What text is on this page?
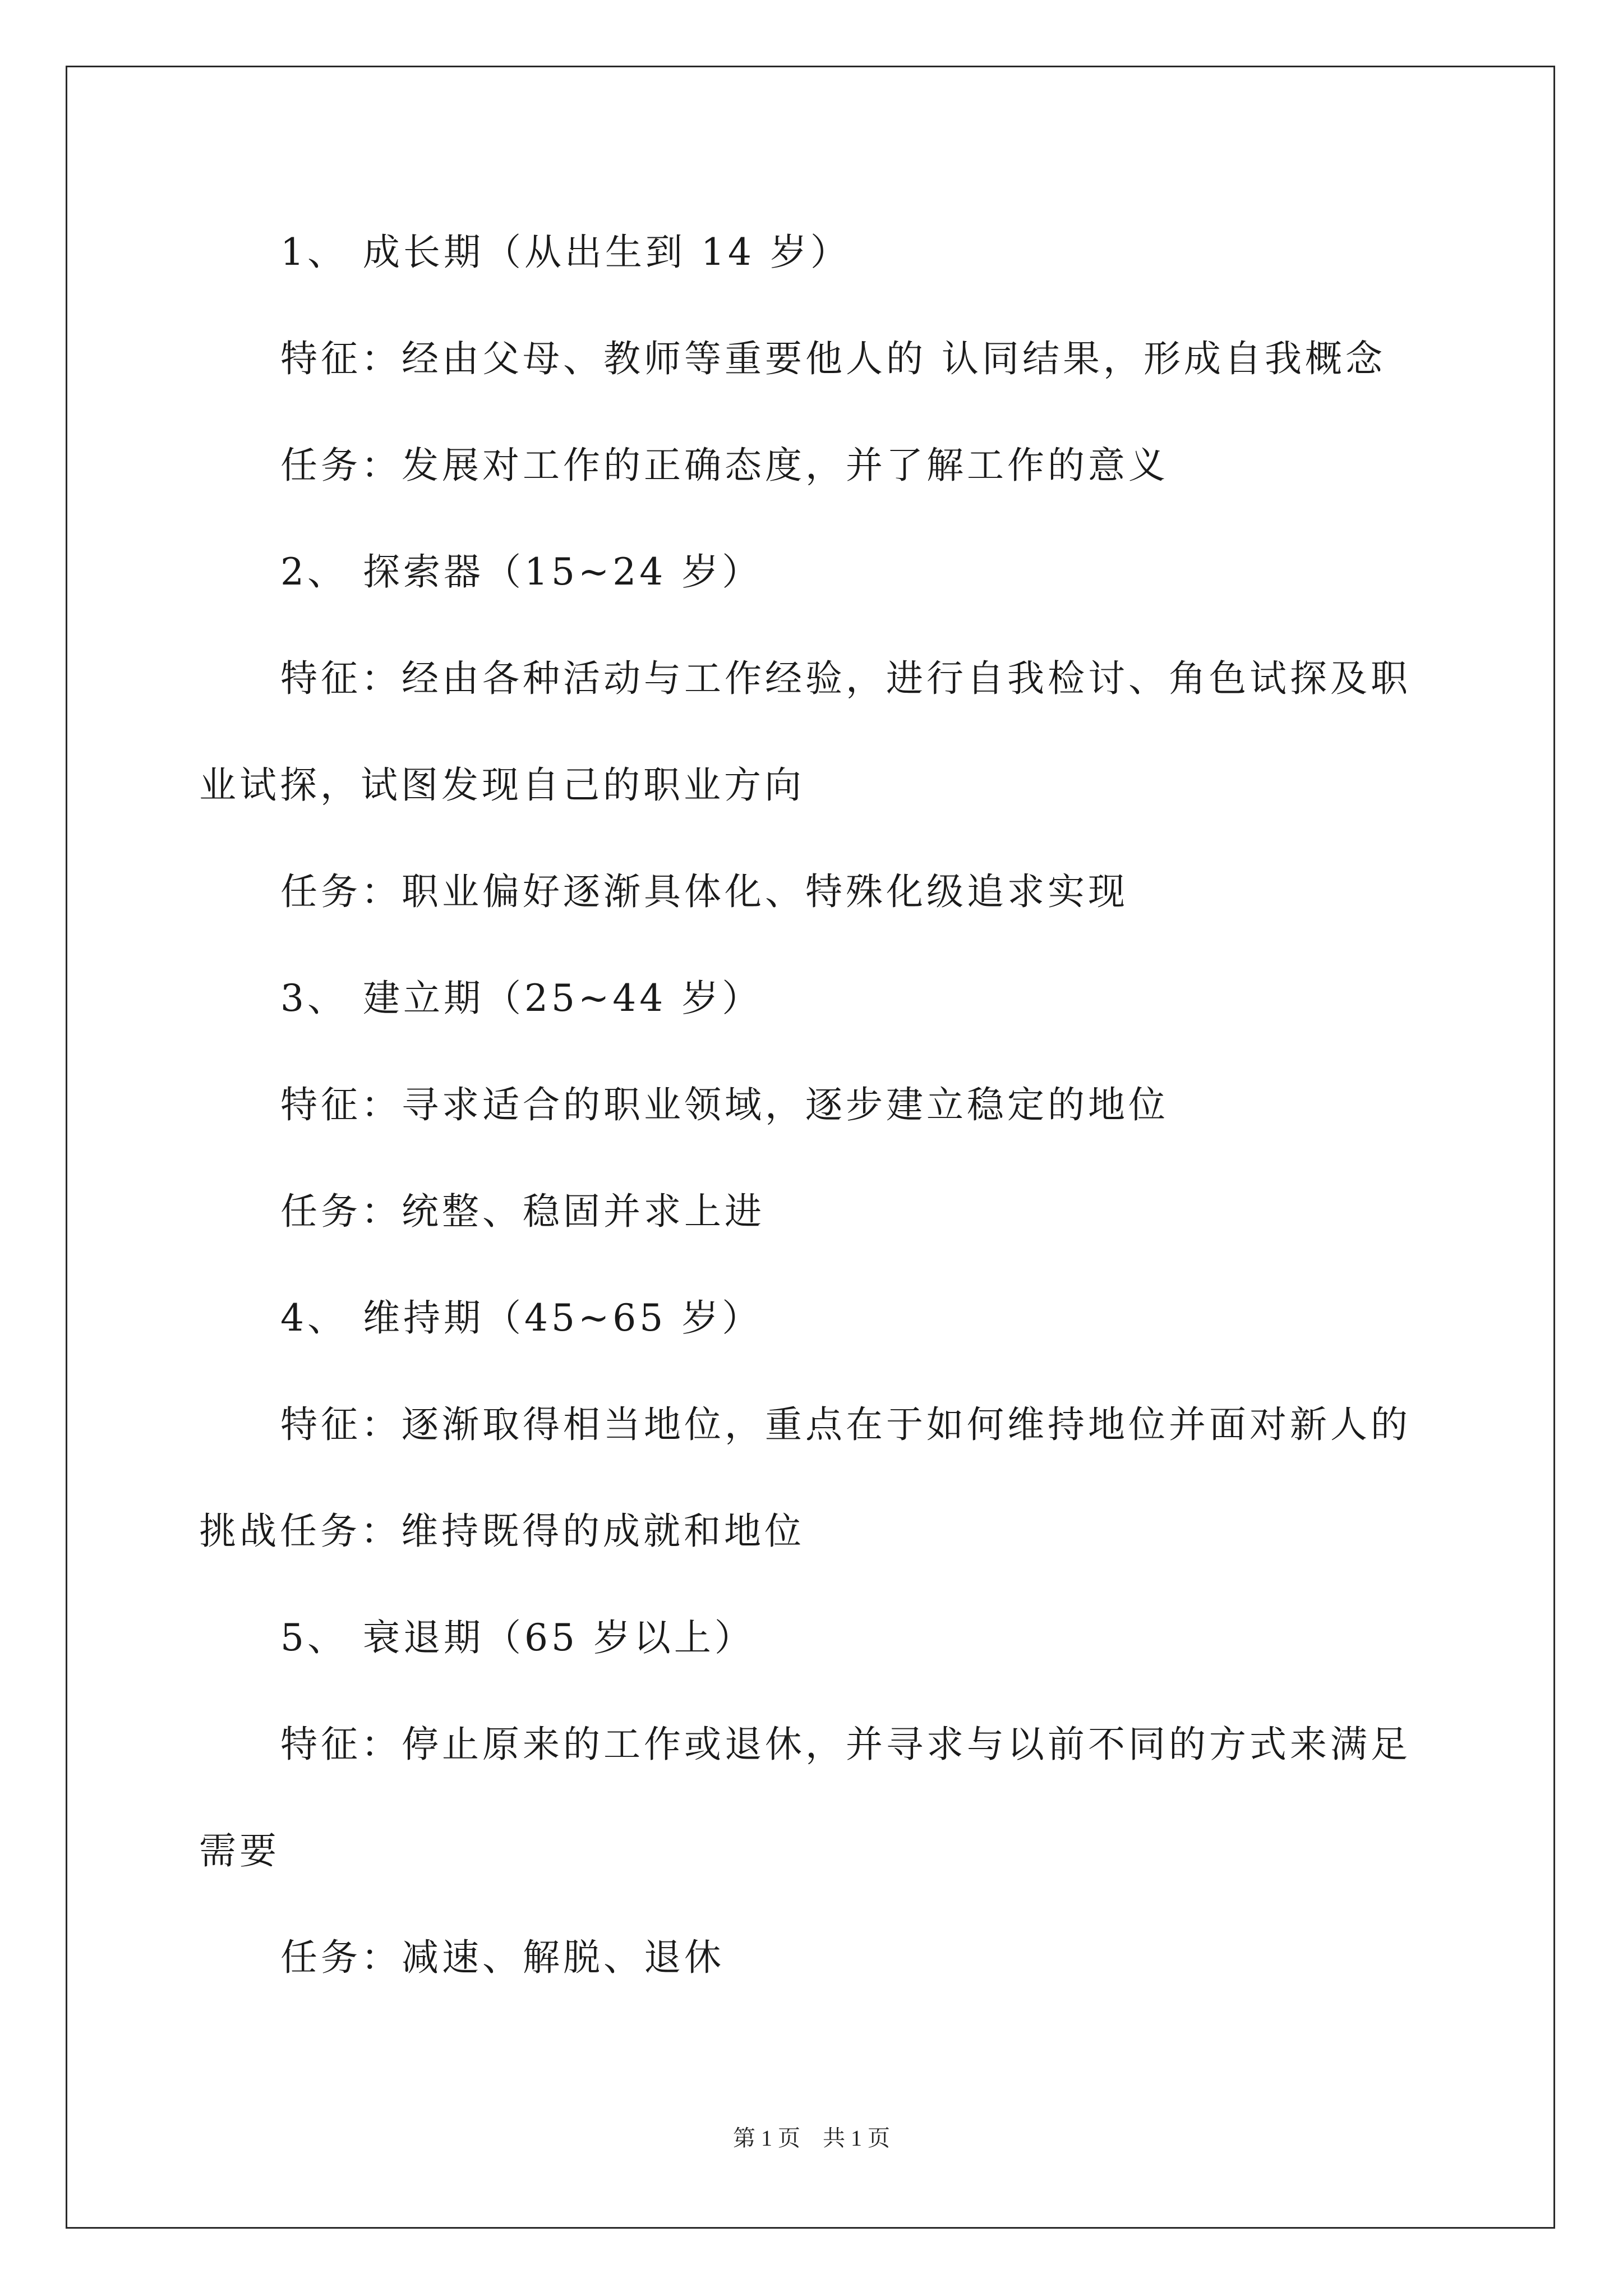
1、 成长期（从出生到 14 岁）
特征：经由父母、教师等重要他人的 认同结果，形成自我概念
任务：发展对工作的正确态度，并了解工作的意义
2、 探索器（15~24 岁）
特征：经由各种活动与工作经验，进行自我检讨、角色试探及职
业试探，试图发现自己的职业方向
任务：职业偏好逐渐具体化、特殊化级追求实现
3、 建立期（25~44 岁）
特征：寻求适合的职业领域，逐步建立稳定的地位
任务：统整、稳固并求上进
4、 维持期（45~65 岁）
特征：逐渐取得相当地位，重点在于如何维持地位并面对新人的
挑战任务：维持既得的成就和地位
5、 衰退期（65 岁以上）
特征：停止原来的工作或退休，并寻求与以前不同的方式来满足
需要
任务：减速、解脱、退休
第 1 页　共 1 页
